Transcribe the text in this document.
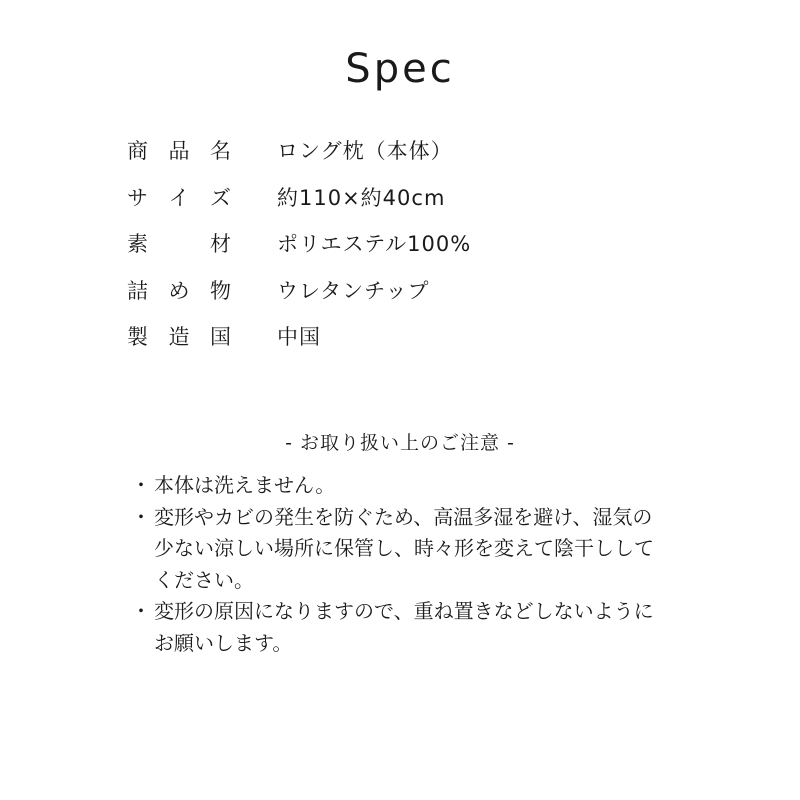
Spec
商 品 名 ロング枕（本体）
サ イ ズ 約110×約40cm
素	材 ポリエステル100%
詰 め 物 ウレタンチップ
製 造 国 中国
- お取り扱い上のご注意 -
・ 本体は洗えません。
・ 変形やカビの発生を防ぐため、高温多湿を避け、湿気の
少ない涼しい場所に保管し、時々形を変えて陰干しして
ください。
・ 変形の原因になりますので、重ね置きなどしないように
お願いします。
